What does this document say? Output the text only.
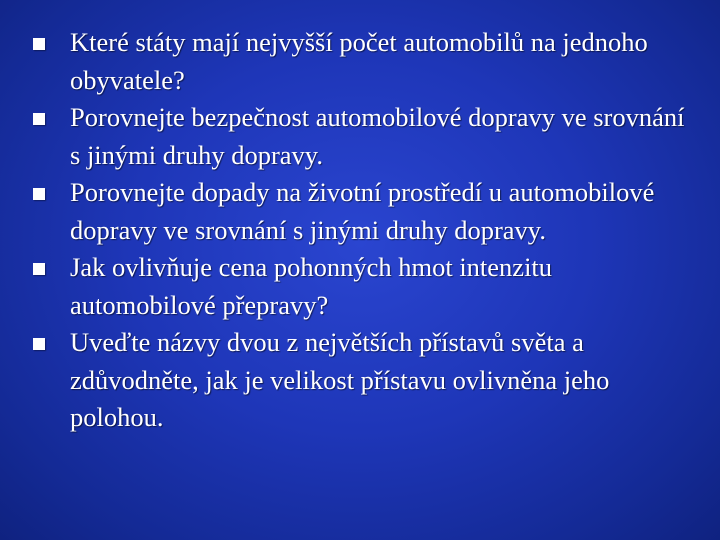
Které státy mají nejvyšší počet automobilů na jednoho obyvatele?
Porovnejte bezpečnost automobilové dopravy ve srovnání s jinými druhy dopravy.
Porovnejte dopady na životní prostředí u automobilové dopravy ve srovnání s jinými druhy dopravy.
Jak ovlivňuje cena pohonných hmot intenzitu automobilové přepravy?
Uveďte názvy dvou z největších přístavů světa a zdůvodněte, jak je velikost přístavu ovlivněna jeho polohou.
